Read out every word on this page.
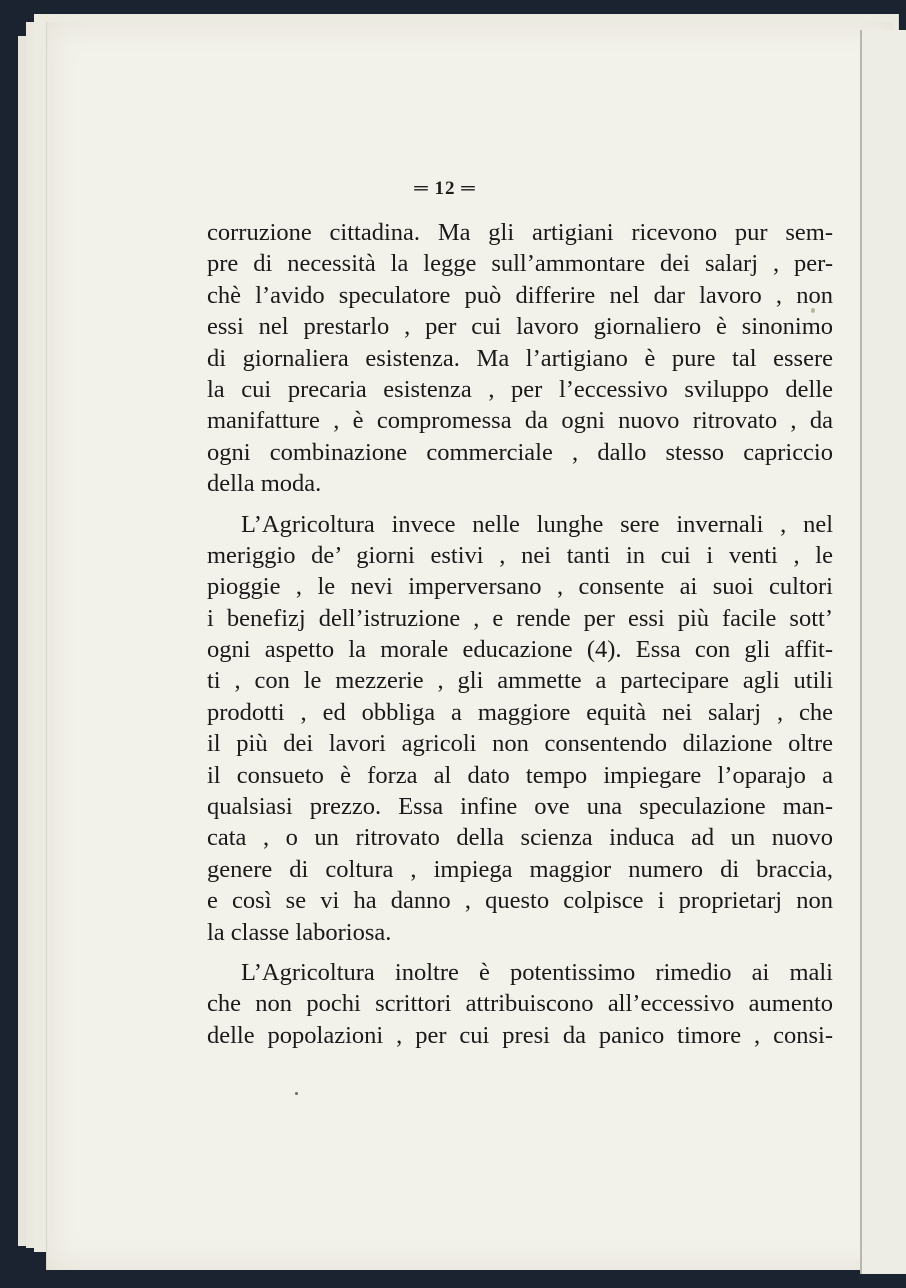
═ 12 ═
corruzione cittadina. Ma gli artigiani ricevono pur sem-
pre di necessità la legge sull’ammontare dei salarj , per-
chè l’avido speculatore può differire nel dar lavoro , non
essi nel prestarlo , per cui lavoro giornaliero è sinonimo
di giornaliera esistenza. Ma l’artigiano è pure tal essere
la cui precaria esistenza , per l’eccessivo sviluppo delle
manifatture , è compromessa da ogni nuovo ritrovato , da
ogni combinazione commerciale , dallo stesso capriccio
della moda.
L’Agricoltura invece nelle lunghe sere invernali , nel
meriggio de’ giorni estivi , nei tanti in cui i venti , le
pioggie , le nevi imperversano , consente ai suoi cultori
i benefizj dell’istruzione , e rende per essi più facile sott’
ogni aspetto la morale educazione (4). Essa con gli affit-
ti , con le mezzerie , gli ammette a partecipare agli utili
prodotti , ed obbliga a maggiore equità nei salarj , che
il più dei lavori agricoli non consentendo dilazione oltre
il consueto è forza al dato tempo impiegare l’oparajo a
qualsiasi prezzo. Essa infine ove una speculazione man-
cata , o un ritrovato della scienza induca ad un nuovo
genere di coltura , impiega maggior numero di braccia,
e così se vi ha danno , questo colpisce i proprietarj non
la classe laboriosa.
L’Agricoltura inoltre è potentissimo rimedio ai mali
che non pochi scrittori attribuiscono all’eccessivo aumento
delle popolazioni , per cui presi da panico timore , consi-
